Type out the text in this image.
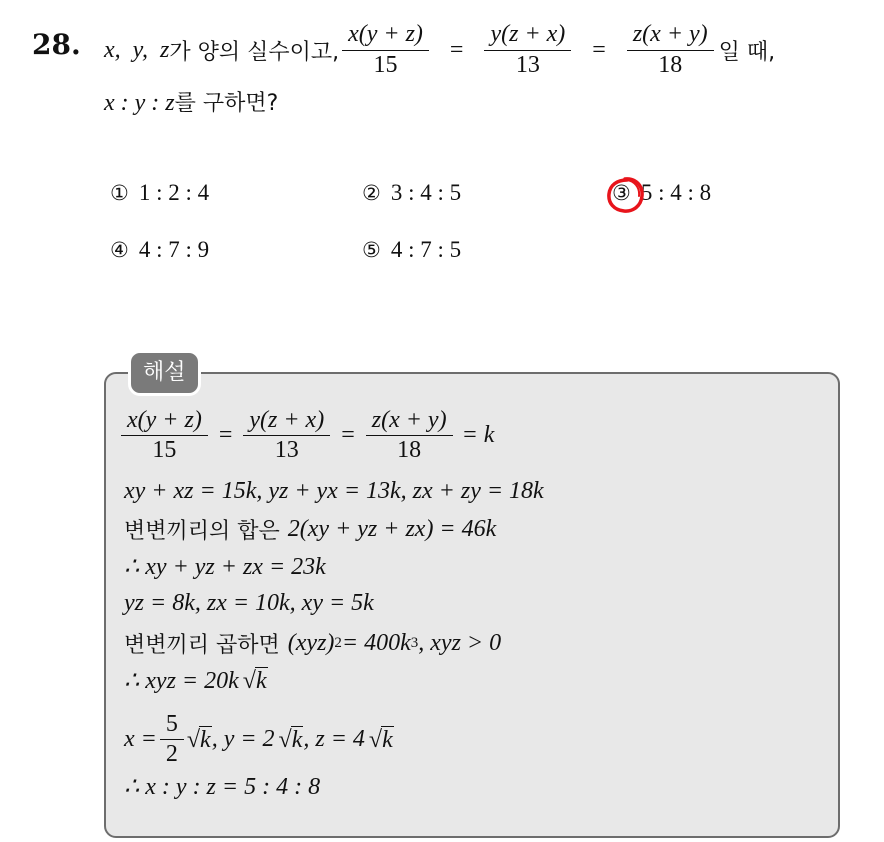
28. x,  y,  z 가 양의 실수이고, $\frac{x(y + z)}{15} = \frac{y(z + x)}{13} = \frac{z(x + y)}{18}$ 일 때,
x : y : z를 구하면?
① 1 : 2 : 4	② 3 : 4 : 5	③ 5 : 4 : 8
④ 4 : 7 : 9	⑤ 4 : 7 : 5
해설
$\frac{x(y + z)}{15} = \frac{y(z + x)}{13} = \frac{z(x + y)}{18} = k$
xy + xz = 15k, yz + yx = 13k, zx + zy = 18k
변변끼리의 합은 2(xy + yz + zx) = 46k
∴ xy + yz + zx = 23k
yz = 8k, zx = 10k, xy = 5k
변변끼리 곱하면 (xyz) 2 = 400k 3 , xyz > 0
∴ xyz = 20k √ k
$x = \frac{5}{2}$ √ k , y = 2 √ k , z = 4 √ k
∴ x : y : z = 5 : 4 : 8
